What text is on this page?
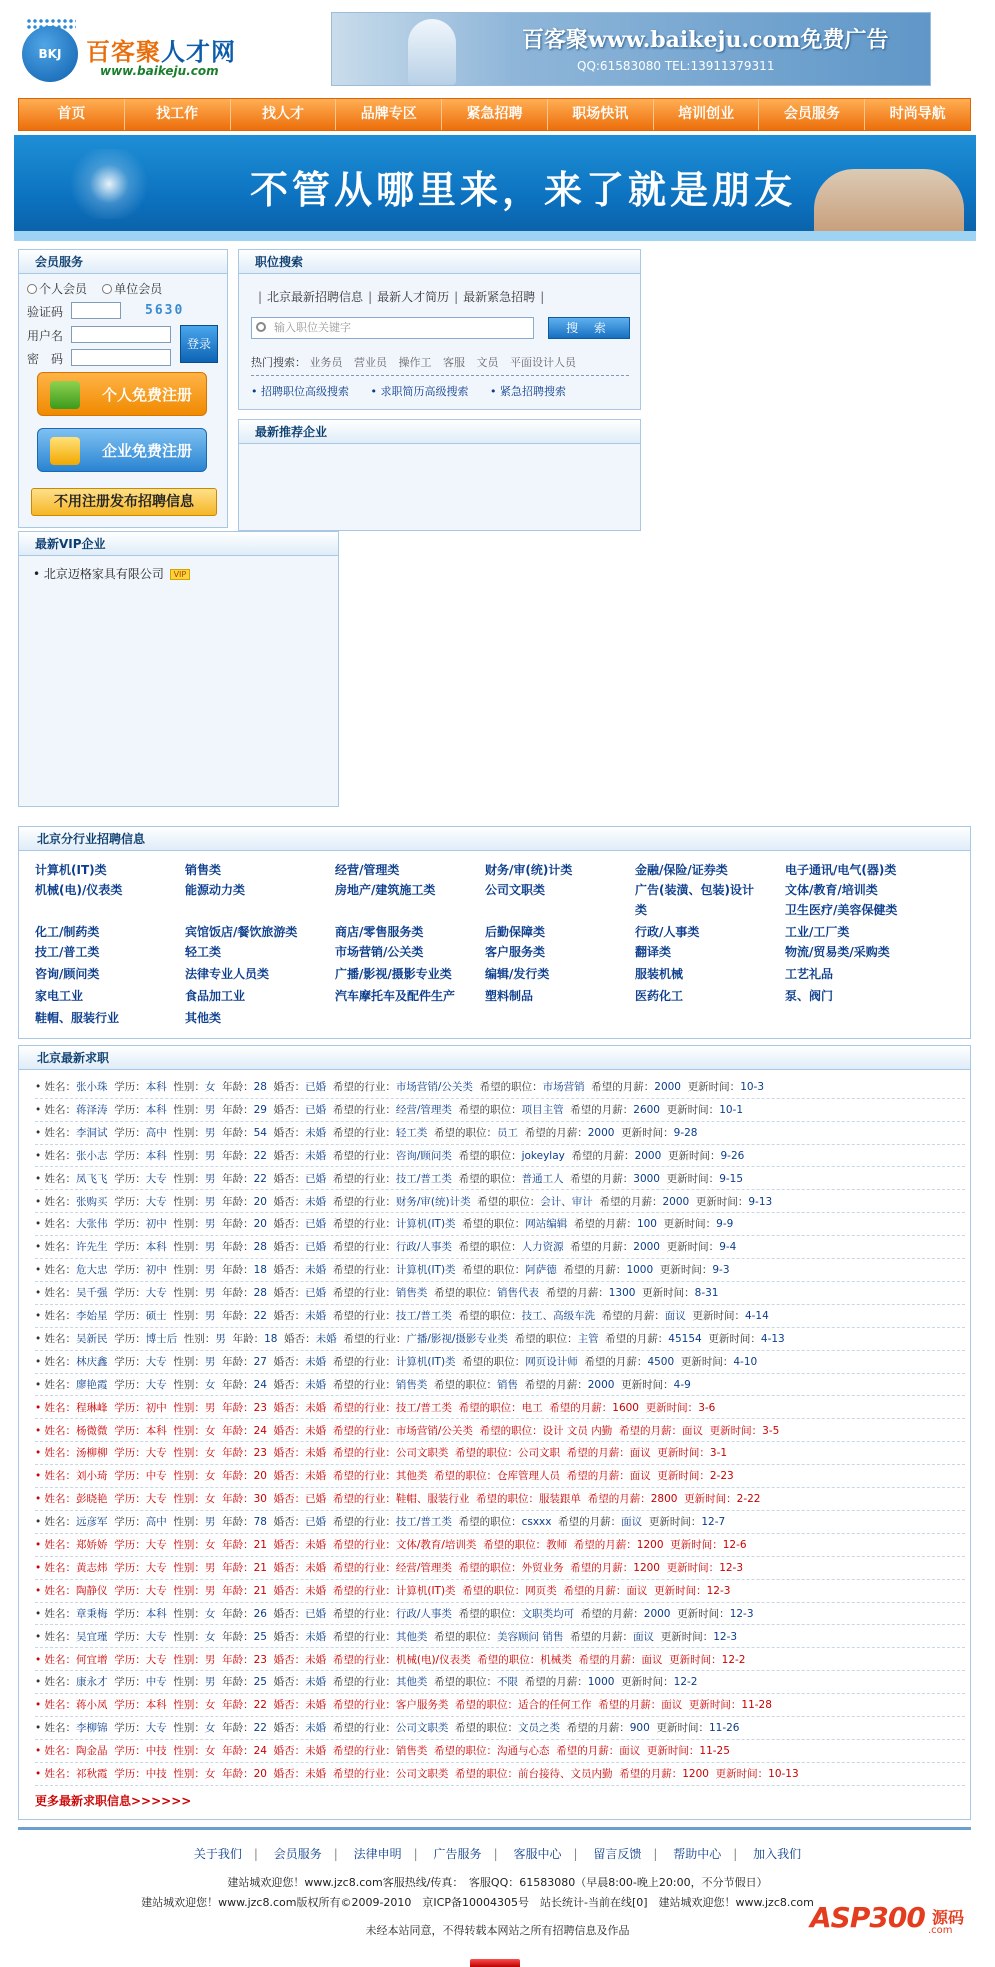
BKJ	百客聚人才网
www.baikeju.com
百客聚www.baikeju.com免费广告
QQ:61583080 TEL:13911379311
首页	找工作	找人才	品牌专区	紧急招聘	职场快讯	培训创业	会员服务	时尚导航
不管从哪里来，来了就是朋友
会员服务
个人会员 单位会员
验证码	5630
用户名
密　码
登录
个人免费注册
企业免费注册
不用注册发布招聘信息
职位搜索
| 北京最新招聘信息 | 最新人才简历 | 最新紧急招聘 |
输入职位关键字	搜 索
热门搜索： 业务员 营业员 操作工 客服 文员 平面设计人员
• 招聘职位高级搜索 • 求职简历高级搜索 • 紧急招聘搜索
最新推荐企业
最新VIP企业
• 北京迈格家具有限公司 VIP
北京分行业招聘信息
计算机(IT)类	销售类	经营/管理类	财务/审(统)计类	金融/保险/证券类	电子通讯/电气(器)类
机械(电)/仪表类	能源动力类	房地产/建筑施工类	公司文职类	广告(装潢、包装)设计	文体/教育/培训类
类	卫生医疗/美容保健类
化工/制药类	宾馆饭店/餐饮旅游类	商店/零售服务类	后勤保障类	行政/人事类	工业/工厂类
技工/普工类	轻工类	市场营销/公关类	客户服务类	翻译类	物流/贸易类/采购类
咨询/顾问类	法律专业人员类	广播/影视/摄影专业类	编辑/发行类	服装机械	工艺礼品
家电工业	食品加工业	汽车摩托车及配件生产 塑料制品	医药化工	泵、阀门
鞋帽、服装行业	其他类
北京最新求职
• 姓名：张小珠 学历：本科 性别：女 年龄：28 婚否：已婚 希望的行业：市场营销/公关类 希望的职位：市场营销 希望的月薪：2000 更新时间：10-3
• 姓名：蒋泽涛 学历：本科 性别：男 年龄：29 婚否：已婚 希望的行业：经营/管理类 希望的职位：项目主管 希望的月薪：2600 更新时间：10-1
• 姓名：李洞试 学历：高中 性别：男 年龄：54 婚否：未婚 希望的行业：轻工类 希望的职位：员工 希望的月薪：2000 更新时间：9-28
• 姓名：张小志 学历：本科 性别：男 年龄：22 婚否：未婚 希望的行业：咨询/顾问类 希望的职位：jokeylay 希望的月薪：2000 更新时间：9-26
• 姓名：凤飞飞 学历：大专 性别：男 年龄：22 婚否：已婚 希望的行业：技工/普工类 希望的职位：普通工人 希望的月薪：3000 更新时间：9-15
• 姓名：张购买 学历：大专 性别：男 年龄：20 婚否：未婚 希望的行业：财务/审(统)计类 希望的职位：会计、审计 希望的月薪：2000 更新时间：9-13
• 姓名：大张伟 学历：初中 性别：男 年龄：20 婚否：已婚 希望的行业：计算机(IT)类 希望的职位：网站编辑 希望的月薪：100 更新时间：9-9
• 姓名：许先生 学历：本科 性别：男 年龄：28 婚否：已婚 希望的行业：行政/人事类 希望的职位：人力资源 希望的月薪：2000 更新时间：9-4
• 姓名：危大忠 学历：初中 性别：男 年龄：18 婚否：未婚 希望的行业：计算机(IT)类 希望的职位：阿萨德 希望的月薪：1000 更新时间：9-3
• 姓名：吴千强 学历：大专 性别：男 年龄：28 婚否：已婚 希望的行业：销售类 希望的职位：销售代表 希望的月薪：1300 更新时间：8-31
• 姓名：李始星 学历：硕士 性别：男 年龄：22 婚否：未婚 希望的行业：技工/普工类 希望的职位：技工、高级车洗 希望的月薪：面议 更新时间：4-14
• 姓名：吴新民 学历：博士后 性别：男 年龄：18 婚否：未婚 希望的行业：广播/影视/摄影专业类 希望的职位：主管 希望的月薪：45154 更新时间：4-13
• 姓名：林庆鑫 学历：大专 性别：男 年龄：27 婚否：未婚 希望的行业：计算机(IT)类 希望的职位：网页设计师 希望的月薪：4500 更新时间：4-10
• 姓名：廖艳霞 学历：大专 性别：女 年龄：24 婚否：未婚 希望的行业：销售类 希望的职位：销售 希望的月薪：2000 更新时间：4-9
• 姓名：程琳峰 学历：初中 性别：男 年龄：23 婚否：未婚 希望的行业：技工/普工类 希望的职位：电工 希望的月薪：1600 更新时间：3-6
• 姓名：杨微微 学历：本科 性别：女 年龄：24 婚否：未婚 希望的行业：市场营销/公关类 希望的职位：设计 文员 内勤 希望的月薪：面议 更新时间：3-5
• 姓名：汤柳柳 学历：大专 性别：女 年龄：23 婚否：未婚 希望的行业：公司文职类 希望的职位：公司文职 希望的月薪：面议 更新时间：3-1
• 姓名：刘小琦 学历：中专 性别：女 年龄：20 婚否：未婚 希望的行业：其他类 希望的职位：仓库管理人员 希望的月薪：面议 更新时间：2-23
• 姓名：彭晓艳 学历：大专 性别：女 年龄：30 婚否：已婚 希望的行业：鞋帽、服装行业 希望的职位：服装跟单 希望的月薪：2800 更新时间：2-22
• 姓名：远彦军 学历：高中 性别：男 年龄：78 婚否：已婚 希望的行业：技工/普工类 希望的职位：csxxx 希望的月薪：面议 更新时间：12-7
• 姓名：郑娇娇 学历：大专 性别：女 年龄：21 婚否：未婚 希望的行业：文体/教育/培训类 希望的职位：教师 希望的月薪：1200 更新时间：12-6
• 姓名：黄志炜 学历：大专 性别：男 年龄：21 婚否：未婚 希望的行业：经营/管理类 希望的职位：外贸业务 希望的月薪：1200 更新时间：12-3
• 姓名：陶静仪 学历：大专 性别：男 年龄：21 婚否：未婚 希望的行业：计算机(IT)类 希望的职位：网页类 希望的月薪：面议 更新时间：12-3
• 姓名：章秉梅 学历：本科 性别：女 年龄：26 婚否：已婚 希望的行业：行政/人事类 希望的职位：文职类均可 希望的月薪：2000 更新时间：12-3
• 姓名：吴宜瑾 学历：大专 性别：女 年龄：25 婚否：未婚 希望的行业：其他类 希望的职位：美容顾问 销售 希望的月薪：面议 更新时间：12-3
• 姓名：何宜增 学历：大专 性别：男 年龄：23 婚否：未婚 希望的行业：机械(电)/仪表类 希望的职位：机械类 希望的月薪：面议 更新时间：12-2
• 姓名：康永才 学历：中专 性别：男 年龄：25 婚否：未婚 希望的行业：其他类 希望的职位：不限 希望的月薪：1000 更新时间：12-2
• 姓名：蒋小凤 学历：本科 性别：女 年龄：22 婚否：未婚 希望的行业：客户服务类 希望的职位：适合的任何工作 希望的月薪：面议 更新时间：11-28
• 姓名：李柳锦 学历：大专 性别：女 年龄：22 婚否：未婚 希望的行业：公司文职类 希望的职位：文员之类 希望的月薪：900 更新时间：11-26
• 姓名：陶金晶 学历：中技 性别：女 年龄：24 婚否：未婚 希望的行业：销售类 希望的职位：沟通与心态 希望的月薪：面议 更新时间：11-25
• 姓名：祁秋霞 学历：中技 性别：女 年龄：20 婚否：未婚 希望的行业：公司文职类 希望的职位：前台接待、文员内勤 希望的月薪：1200 更新时间：10-13
更多最新求职信息>>>>>>
关于我们 | 会员服务 | 法律申明 | 广告服务 | 客服中心 | 留言反馈 | 帮助中心 | 加入我们
建站城欢迎您！www.jzc8.com客服热线/传真：　客服QQ：61583080（早晨8:00-晚上20:00，不分节假日）
建站城欢迎您！www.jzc8.com版权所有©2009-2010　京ICP备10004305号　站长统计-当前在线[0]　建站城欢迎您！www.jzc8.com
未经本站同意，不得转载本网站之所有招聘信息及作品	ASP300 源码
.com
